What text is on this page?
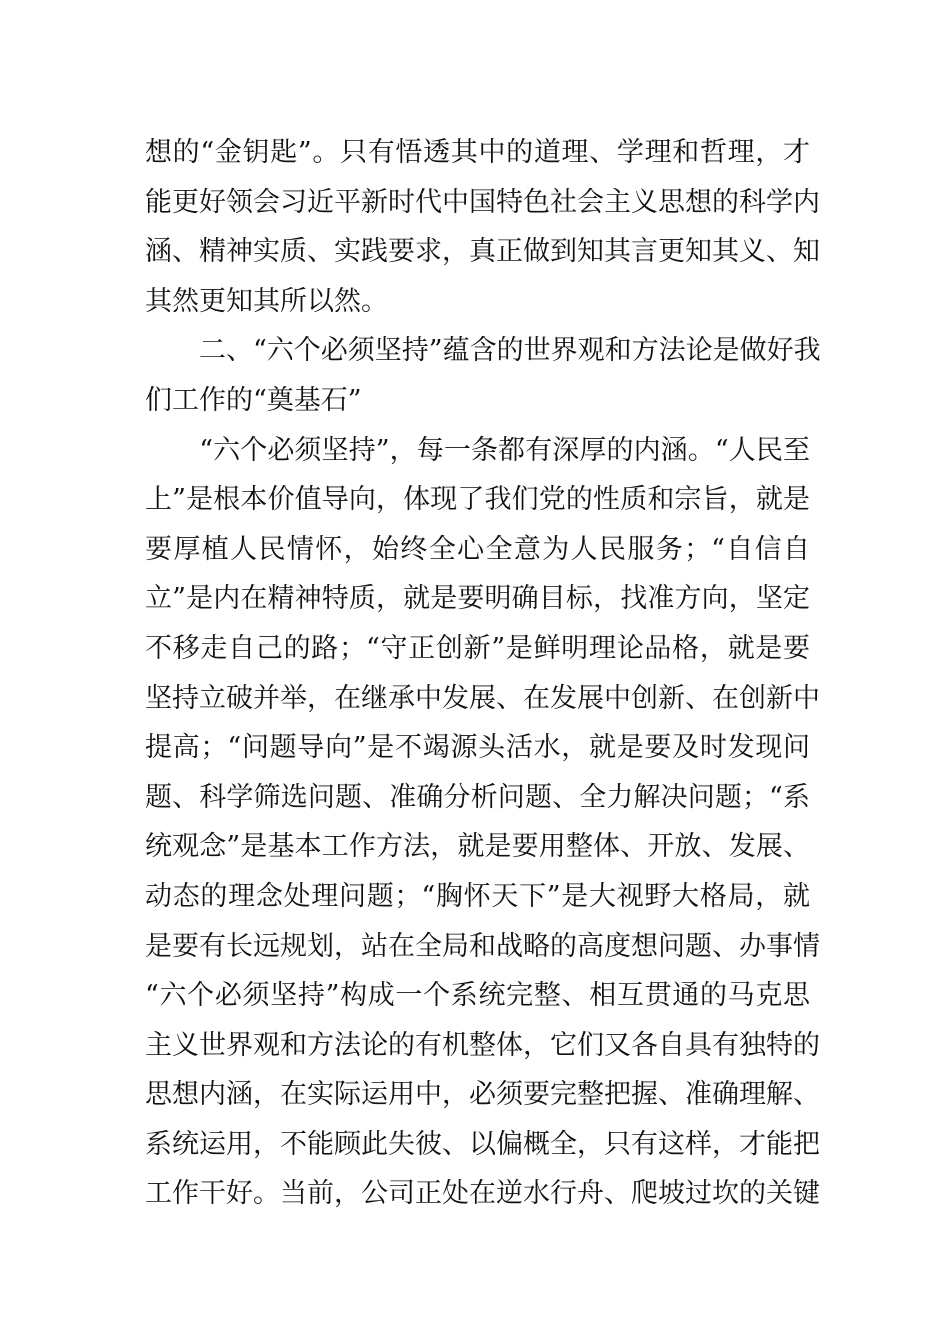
想的“金钥匙”。只有悟透其中的道理、学理和哲理，才
能更好领会习近平新时代中国特色社会主义思想的科学内
涵、精神实质、实践要求，真正做到知其言更知其义、知
其然更知其所以然。
　　二、“六个必须坚持”蕴含的世界观和方法论是做好我
们工作的“奠基石”
　　“六个必须坚持”，每一条都有深厚的内涵。“人民至
上”是根本价值导向，体现了我们党的性质和宗旨，就是
要厚植人民情怀，始终全心全意为人民服务；“自信自
立”是内在精神特质，就是要明确目标，找准方向，坚定
不移走自己的路；“守正创新”是鲜明理论品格，就是要
坚持立破并举，在继承中发展、在发展中创新、在创新中
提高；“问题导向”是不竭源头活水，就是要及时发现问
题、科学筛选问题、准确分析问题、全力解决问题；“系
统观念”是基本工作方法，就是要用整体、开放、发展、
动态的理念处理问题；“胸怀天下”是大视野大格局，就
是要有长远规划，站在全局和战略的高度想问题、办事情
“六个必须坚持”构成一个系统完整、相互贯通的马克思
主义世界观和方法论的有机整体，它们又各自具有独特的
思想内涵，在实际运用中，必须要完整把握、准确理解、
系统运用，不能顾此失彼、以偏概全，只有这样，才能把
工作干好。当前，公司正处在逆水行舟、爬坡过坎的关键
